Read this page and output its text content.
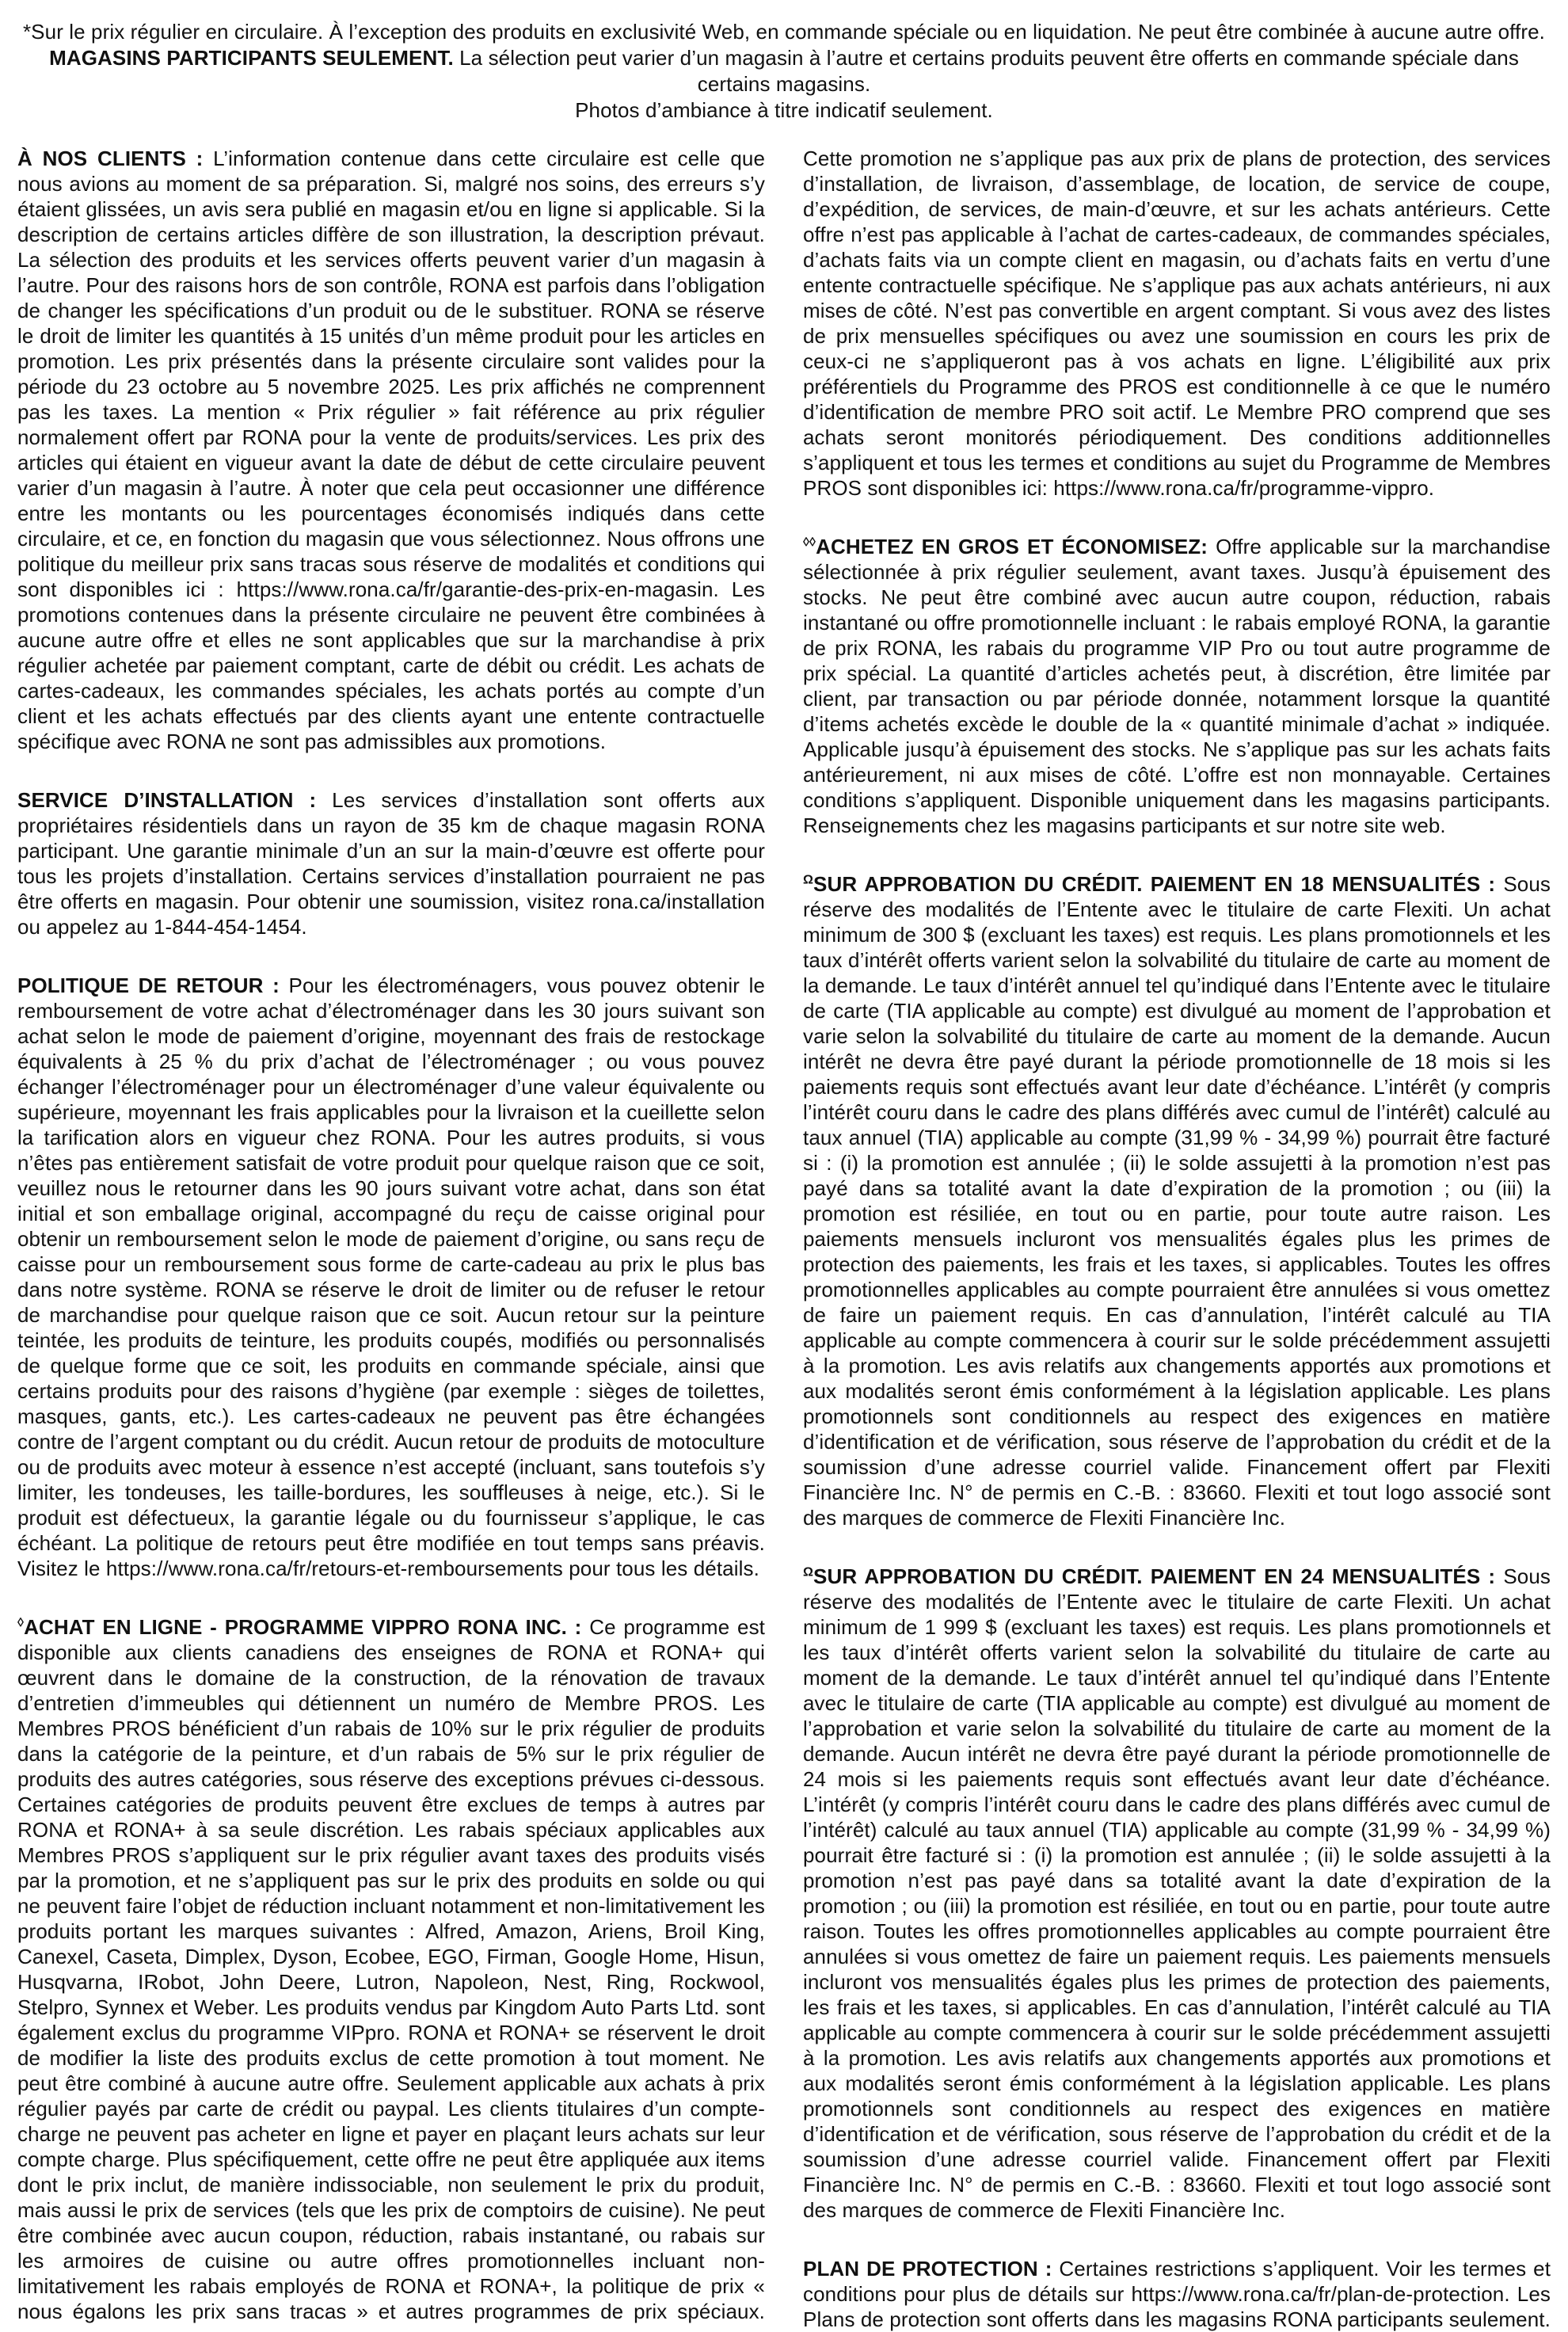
*Sur le prix régulier en circulaire. À l’exception des produits en exclusivité Web, en commande spéciale ou en liquidation. Ne peut être combinée à aucune autre offre.
MAGASINS PARTICIPANTS SEULEMENT. La sélection peut varier d’un magasin à l’autre et certains produits peuvent être offerts en commande spéciale dans certains magasins.
Photos d’ambiance à titre indicatif seulement.

À NOS CLIENTS : L’information contenue dans cette circulaire est celle que nous avions au moment de sa préparation. Si, malgré nos soins, des erreurs s’y étaient glissées, un avis sera publié en magasin et/ou en ligne si applicable. Si la description de certains articles diffère de son illustration, la description prévaut. La sélection des produits et les services offerts peuvent varier d’un magasin à l’autre. Pour des raisons hors de son contrôle, RONA est parfois dans l’obligation de changer les spécifications d’un produit ou de le substituer. RONA se réserve le droit de limiter les quantités à 15 unités d’un même produit pour les articles en promotion. Les prix présentés dans la présente circulaire sont valides pour la période du 23 octobre au 5 novembre 2025. Les prix affichés ne comprennent pas les taxes. La mention « Prix régulier » fait référence au prix régulier normalement offert par RONA pour la vente de produits/services. Les prix des articles qui étaient en vigueur avant la date de début de cette circulaire peuvent varier d’un magasin à l’autre. À noter que cela peut occasionner une différence entre les montants ou les pourcentages économisés indiqués dans cette circulaire, et ce, en fonction du magasin que vous sélectionnez. Nous offrons une politique du meilleur prix sans tracas sous réserve de modalités et conditions qui sont disponibles ici : https://www.rona.ca/fr/garantie-des-prix-en-magasin. Les promotions contenues dans la présente circulaire ne peuvent être combinées à aucune autre offre et elles ne sont applicables que sur la marchandise à prix régulier achetée par paiement comptant, carte de débit ou crédit. Les achats de cartes-cadeaux, les commandes spéciales, les achats portés au compte d’un client et les achats effectués par des clients ayant une entente contractuelle spécifique avec RONA ne sont pas admissibles aux promotions.

SERVICE D’INSTALLATION : Les services d’installation sont offerts aux propriétaires résidentiels dans un rayon de 35 km de chaque magasin RONA participant. Une garantie minimale d’un an sur la main-d’œuvre est offerte pour tous les projets d’installation. Certains services d’installation pourraient ne pas être offerts en magasin. Pour obtenir une soumission, visitez rona.ca/installation ou appelez au 1-844-454-1454.

POLITIQUE DE RETOUR : Pour les électroménagers, vous pouvez obtenir le remboursement de votre achat d’électroménager dans les 30 jours suivant son achat selon le mode de paiement d’origine, moyennant des frais de restockage équivalents à 25 % du prix d’achat de l’électroménager ; ou vous pouvez échanger l’électroménager pour un électroménager d’une valeur équivalente ou supérieure, moyennant les frais applicables pour la livraison et la cueillette selon la tarification alors en vigueur chez RONA. Pour les autres produits, si vous n’êtes pas entièrement satisfait de votre produit pour quelque raison que ce soit, veuillez nous le retourner dans les 90 jours suivant votre achat, dans son état initial et son emballage original, accompagné du reçu de caisse original pour obtenir un remboursement selon le mode de paiement d’origine, ou sans reçu de caisse pour un remboursement sous forme de carte-cadeau au prix le plus bas dans notre système. RONA se réserve le droit de limiter ou de refuser le retour de marchandise pour quelque raison que ce soit. Aucun retour sur la peinture teintée, les produits de teinture, les produits coupés, modifiés ou personnalisés de quelque forme que ce soit, les produits en commande spéciale, ainsi que certains produits pour des raisons d’hygiène (par exemple : sièges de toilettes, masques, gants, etc.). Les cartes-cadeaux ne peuvent pas être échangées contre de l’argent comptant ou du crédit. Aucun retour de produits de motoculture ou de produits avec moteur à essence n’est accepté (incluant, sans toutefois s’y limiter, les tondeuses, les taille-bordures, les souffleuses à neige, etc.). Si le produit est défectueux, la garantie légale ou du fournisseur s’applique, le cas échéant. La politique de retours peut être modifiée en tout temps sans préavis. Visitez le https://www.rona.ca/fr/retours-et-remboursements pour tous les détails.

◊ACHAT EN LIGNE - PROGRAMME VIPPRO RONA INC. : Ce programme est disponible aux clients canadiens des enseignes de RONA et RONA+ qui œuvrent dans le domaine de la construction, de la rénovation de travaux d’entretien d’immeubles qui détiennent un numéro de Membre PROS. Les Membres PROS bénéficient d’un rabais de 10% sur le prix régulier de produits dans la catégorie de la peinture, et d’un rabais de 5% sur le prix régulier de produits des autres catégories, sous réserve des exceptions prévues ci-dessous. Certaines catégories de produits peuvent être exclues de temps à autres par RONA et RONA+ à sa seule discrétion. Les rabais spéciaux applicables aux Membres PROS s’appliquent sur le prix régulier avant taxes des produits visés par la promotion, et ne s’appliquent pas sur le prix des produits en solde ou qui ne peuvent faire l’objet de réduction incluant notamment et non-limitativement les produits portant les marques suivantes : Alfred, Amazon, Ariens, Broil King, Canexel, Caseta, Dimplex, Dyson, Ecobee, EGO, Firman, Google Home, Hisun, Husqvarna, IRobot, John Deere, Lutron, Napoleon, Nest, Ring, Rockwool, Stelpro, Synnex et Weber. Les produits vendus par Kingdom Auto Parts Ltd. sont également exclus du programme VIPpro. RONA et RONA+ se réservent le droit de modifier la liste des produits exclus de cette promotion à tout moment. Ne peut être combiné à aucune autre offre. Seulement applicable aux achats à prix régulier payés par carte de crédit ou paypal. Les clients titulaires d’un compte-charge ne peuvent pas acheter en ligne et payer en plaçant leurs achats sur leur compte charge. Plus spécifiquement, cette offre ne peut être appliquée aux items dont le prix inclut, de manière indissociable, non seulement le prix du produit, mais aussi le prix de services (tels que les prix de comptoirs de cuisine). Ne peut être combinée avec aucun coupon, réduction, rabais instantané, ou rabais sur les armoires de cuisine ou autre offres promotionnelles incluant non-limitativement les rabais employés de RONA et RONA+, la politique de prix « nous égalons les prix sans tracas » et autres programmes de prix spéciaux. Cette promotion ne s’applique pas aux prix de plans de protection, des services d’installation, de livraison, d’assemblage, de location, de service de coupe, d’expédition, de services, de main-d’œuvre, et sur les achats antérieurs. Cette offre n’est pas applicable à l’achat de cartes-cadeaux, de commandes spéciales, d’achats faits via un compte client en magasin, ou d’achats faits en vertu d’une entente contractuelle spécifique. Ne s’applique pas aux achats antérieurs, ni aux mises de côté. N’est pas convertible en argent comptant. Si vous avez des listes de prix mensuelles spécifiques ou avez une soumission en cours les prix de ceux-ci ne s’appliqueront pas à vos achats en ligne. L’éligibilité aux prix préférentiels du Programme des PROS est conditionnelle à ce que le numéro d’identification de membre PRO soit actif. Le Membre PRO comprend que ses achats seront monitorés périodiquement. Des conditions additionnelles s’appliquent et tous les termes et conditions au sujet du Programme de Membres PROS sont disponibles ici: https://www.rona.ca/fr/programme-vippro.

◊◊ACHETEZ EN GROS ET ÉCONOMISEZ: Offre applicable sur la marchandise sélectionnée à prix régulier seulement, avant taxes. Jusqu’à épuisement des stocks. Ne peut être combiné avec aucun autre coupon, réduction, rabais instantané ou offre promotionnelle incluant : le rabais employé RONA, la garantie de prix RONA, les rabais du programme VIP Pro ou tout autre programme de prix spécial. La quantité d’articles achetés peut, à discrétion, être limitée par client, par transaction ou par période donnée, notamment lorsque la quantité d’items achetés excède le double de la « quantité minimale d’achat » indiquée. Applicable jusqu’à épuisement des stocks. Ne s’applique pas sur les achats faits antérieurement, ni aux mises de côté. L’offre est non monnayable. Certaines conditions s’appliquent. Disponible uniquement dans les magasins participants. Renseignements chez les magasins participants et sur notre site web.

$^\Omega$SUR APPROBATION DU CRÉDIT. PAIEMENT EN 18 MENSUALITÉS : Sous réserve des modalités de l’Entente avec le titulaire de carte Flexiti. Un achat minimum de 300 $ (excluant les taxes) est requis. Les plans promotionnels et les taux d’intérêt offerts varient selon la solvabilité du titulaire de carte au moment de la demande. Le taux d’intérêt annuel tel qu’indiqué dans l’Entente avec le titulaire de carte (TIA applicable au compte) est divulgué au moment de l’approbation et varie selon la solvabilité du titulaire de carte au moment de la demande. Aucun intérêt ne devra être payé durant la période promotionnelle de 18 mois si les paiements requis sont effectués avant leur date d’échéance. L’intérêt (y compris l’intérêt couru dans le cadre des plans différés avec cumul de l’intérêt) calculé au taux annuel (TIA) applicable au compte (31,99 % - 34,99 %) pourrait être facturé si : (i) la promotion est annulée ; (ii) le solde assujetti à la promotion n’est pas payé dans sa totalité avant la date d’expiration de la promotion ; ou (iii) la promotion est résiliée, en tout ou en partie, pour toute autre raison. Les paiements mensuels incluront vos mensualités égales plus les primes de protection des paiements, les frais et les taxes, si applicables. Toutes les offres promotionnelles applicables au compte pourraient être annulées si vous omettez de faire un paiement requis. En cas d’annulation, l’intérêt calculé au TIA applicable au compte commencera à courir sur le solde précédemment assujetti à la promotion. Les avis relatifs aux changements apportés aux promotions et aux modalités seront émis conformément à la législation applicable. Les plans promotionnels sont conditionnels au respect des exigences en matière d’identification et de vérification, sous réserve de l’approbation du crédit et de la soumission d’une adresse courriel valide. Financement offert par Flexiti Financière Inc. N° de permis en C.-B. : 83660. Flexiti et tout logo associé sont des marques de commerce de Flexiti Financière Inc.

$^\Omega$SUR APPROBATION DU CRÉDIT. PAIEMENT EN 24 MENSUALITÉS : Sous réserve des modalités de l’Entente avec le titulaire de carte Flexiti. Un achat minimum de 1 999 $ (excluant les taxes) est requis. Les plans promotionnels et les taux d’intérêt offerts varient selon la solvabilité du titulaire de carte au moment de la demande. Le taux d’intérêt annuel tel qu’indiqué dans l’Entente avec le titulaire de carte (TIA applicable au compte) est divulgué au moment de l’approbation et varie selon la solvabilité du titulaire de carte au moment de la demande. Aucun intérêt ne devra être payé durant la période promotionnelle de 24 mois si les paiements requis sont effectués avant leur date d’échéance. L’intérêt (y compris l’intérêt couru dans le cadre des plans différés avec cumul de l’intérêt) calculé au taux annuel (TIA) applicable au compte (31,99 % - 34,99 %) pourrait être facturé si : (i) la promotion est annulée ; (ii) le solde assujetti à la promotion n’est pas payé dans sa totalité avant la date d’expiration de la promotion ; ou (iii) la promotion est résiliée, en tout ou en partie, pour toute autre raison. Toutes les offres promotionnelles applicables au compte pourraient être annulées si vous omettez de faire un paiement requis. Les paiements mensuels incluront vos mensualités égales plus les primes de protection des paiements, les frais et les taxes, si applicables. En cas d’annulation, l’intérêt calculé au TIA applicable au compte commencera à courir sur le solde précédemment assujetti à la promotion. Les avis relatifs aux changements apportés aux promotions et aux modalités seront émis conformément à la législation applicable. Les plans promotionnels sont conditionnels au respect des exigences en matière d’identification et de vérification, sous réserve de l’approbation du crédit et de la soumission d’une adresse courriel valide. Financement offert par Flexiti Financière Inc. N° de permis en C.-B. : 83660. Flexiti et tout logo associé sont des marques de commerce de Flexiti Financière Inc.

PLAN DE PROTECTION : Certaines restrictions s’appliquent. Voir les termes et conditions pour plus de détails sur https://www.rona.ca/fr/plan-de-protection. Les Plans de protection sont offerts dans les magasins RONA participants seulement.
